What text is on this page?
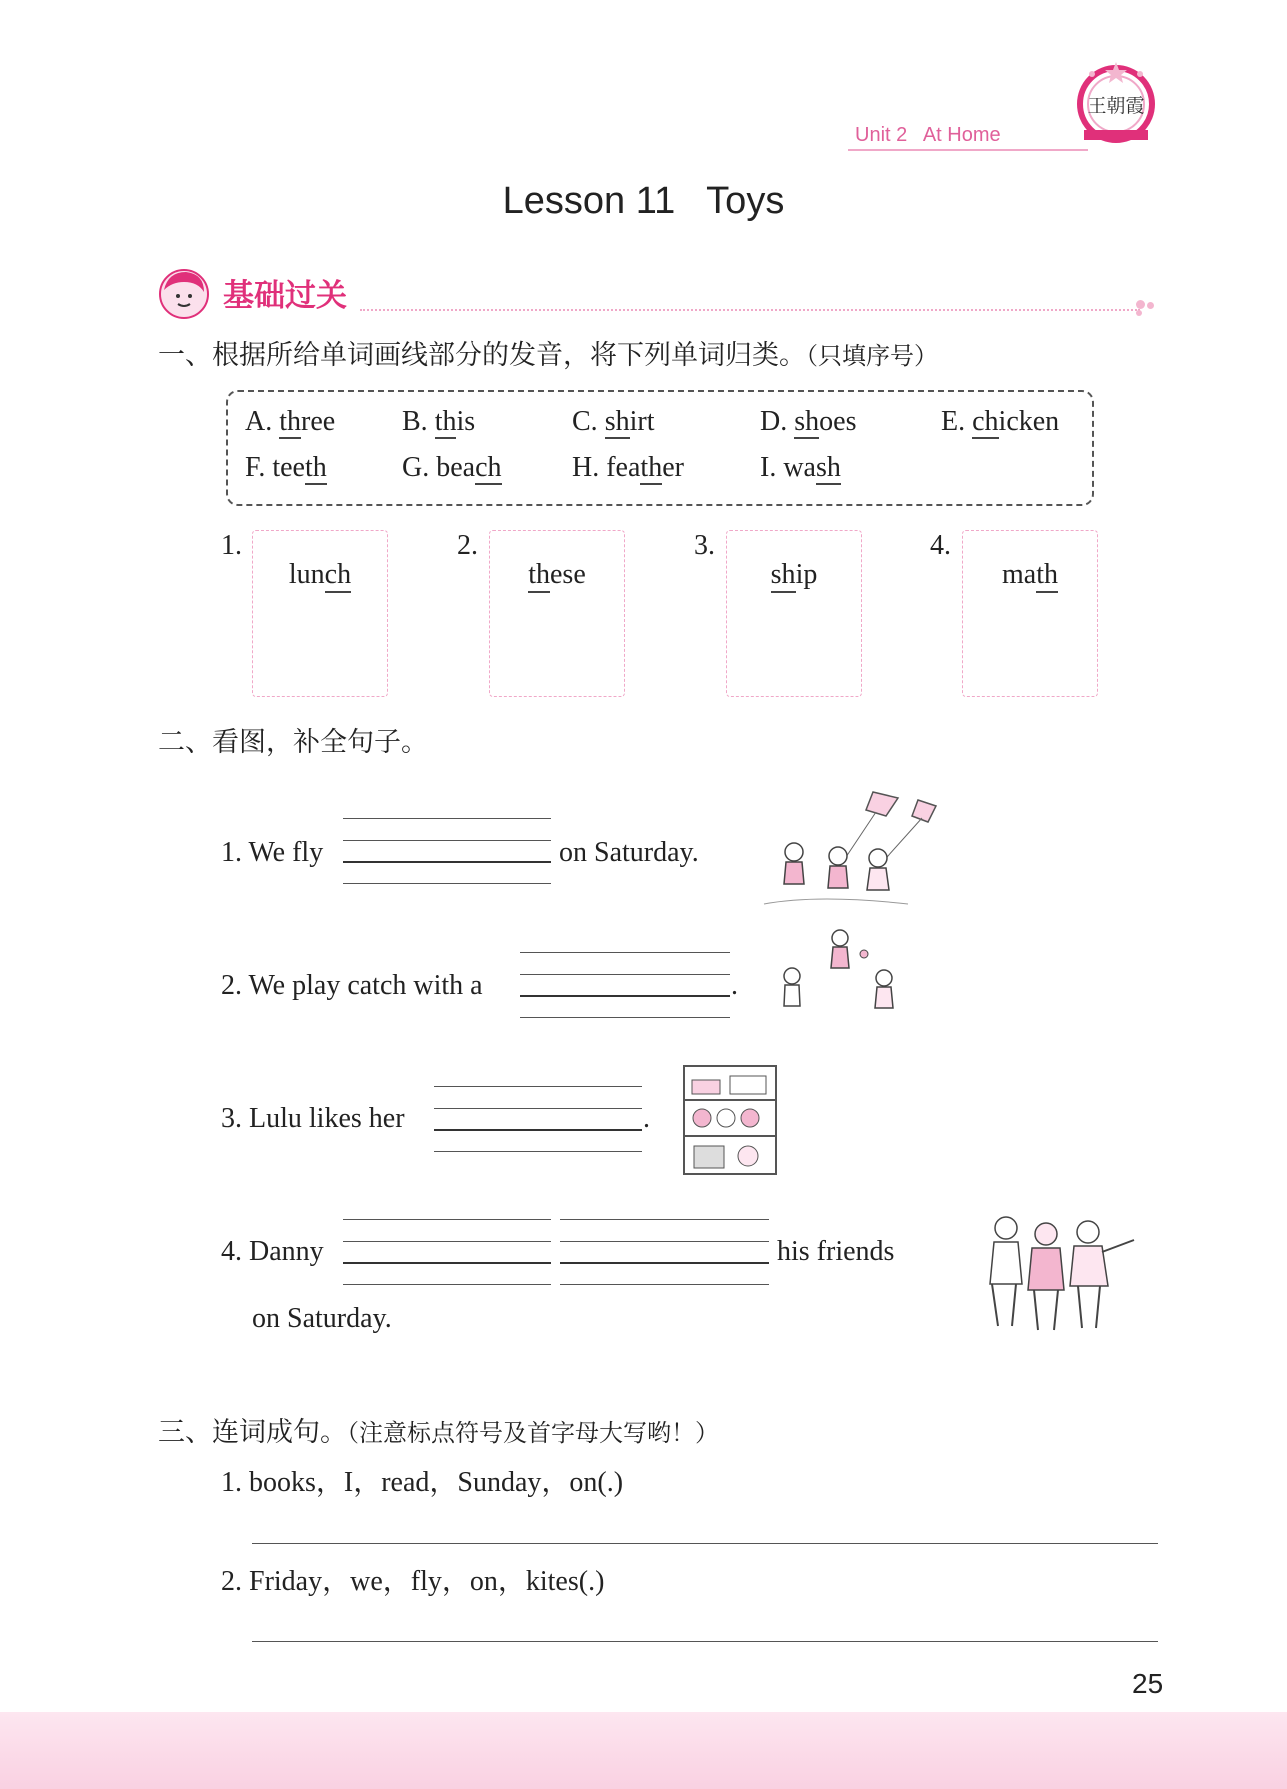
Unit 2   At Home
王朝霞
Lesson 11   Toys
基础过关
一、根据所给单词画线部分的发音，将下列单词归类。（只填序号）
A. three B. this	C. shirt	D. shoes	E. chicken
F. teeth	G. beach	H. feather	I. wash
1.
lunch
2.
these
3.
ship
4.
math
二、看图，补全句子。
1. We fly	on Saturday.
2. We play catch with a	.
3. Lulu likes her	.
4. Danny	his friends
on Saturday.
三、连词成句。（注意标点符号及首字母大写哟！）
1. books，I，read，Sunday，on(.)
2. Friday，we，fly，on，kites(.)
25
